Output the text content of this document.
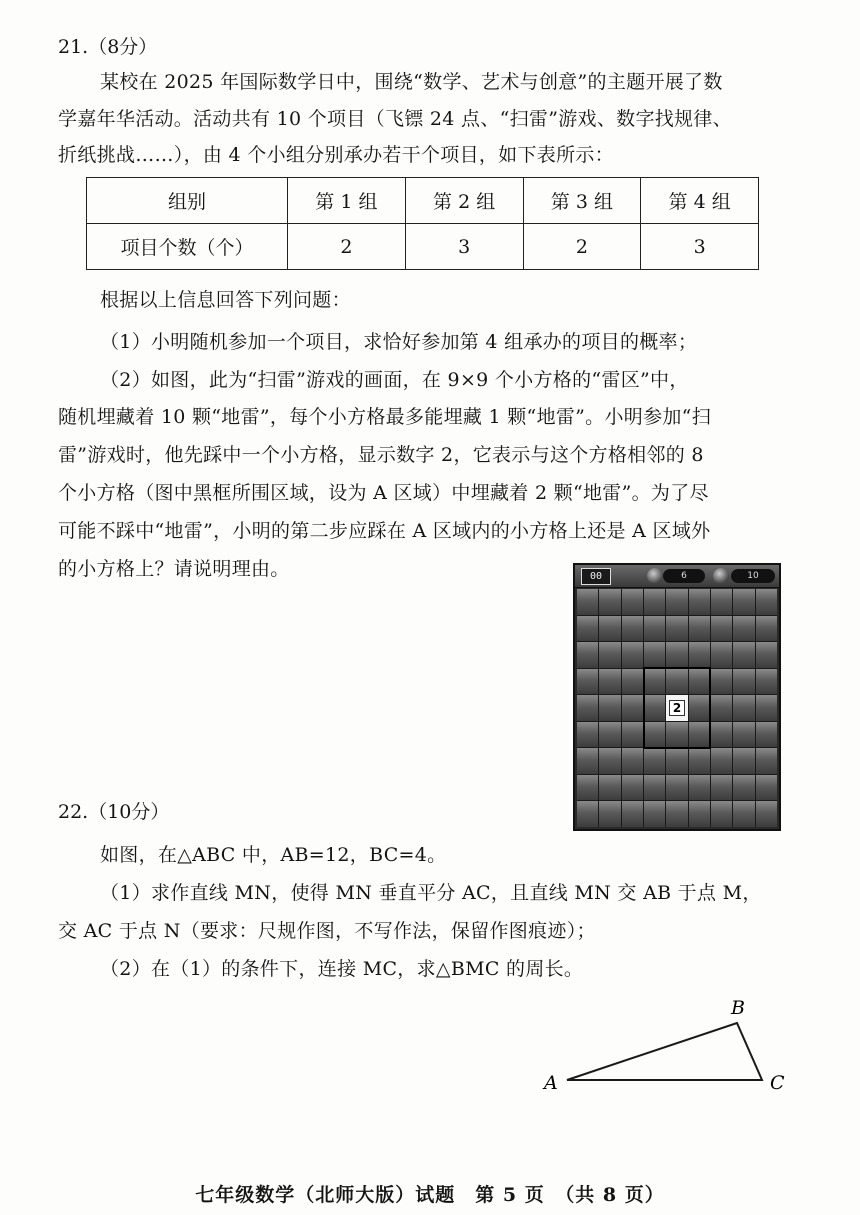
21.（8分）
某校在 2025 年国际数学日中，围绕“数学、艺术与创意”的主题开展了数
学嘉年华活动。活动共有 10 个项目（飞镖 24 点、“扫雷”游戏、数字找规律、
折纸挑战……），由 4 个小组分别承办若干个项目，如下表所示：
组别	第 1 组	第 2 组	第 3 组	第 4 组
项目个数（个）	2	3	2	3
根据以上信息回答下列问题：
（1）小明随机参加一个项目，求恰好参加第 4 组承办的项目的概率；
（2）如图，此为“扫雷”游戏的画面，在 9×9 个小方格的“雷区”中，
随机埋藏着 10 颗“地雷”，每个小方格最多能埋藏 1 颗“地雷”。小明参加“扫
雷”游戏时，他先踩中一个小方格，显示数字 2，它表示与这个方格相邻的 8
个小方格（图中黑框所围区域，设为 A 区域）中埋藏着 2 颗“地雷”。为了尽
可能不踩中“地雷”，小明的第二步应踩在 A 区域内的小方格上还是 A 区域外
的小方格上？请说明理由。	00	6	10
2
22.（10分）
如图，在△ABC 中，AB=12，BC=4。
（1）求作直线 MN，使得 MN 垂直平分 AC，且直线 MN 交 AB 于点 M，
交 AC 于点 N（要求：尺规作图，不写作法，保留作图痕迹）；
（2）在（1）的条件下，连接 MC，求△BMC 的周长。
A
B
C
七年级数学（北师大版）试题　第 5 页　（共 8 页）
